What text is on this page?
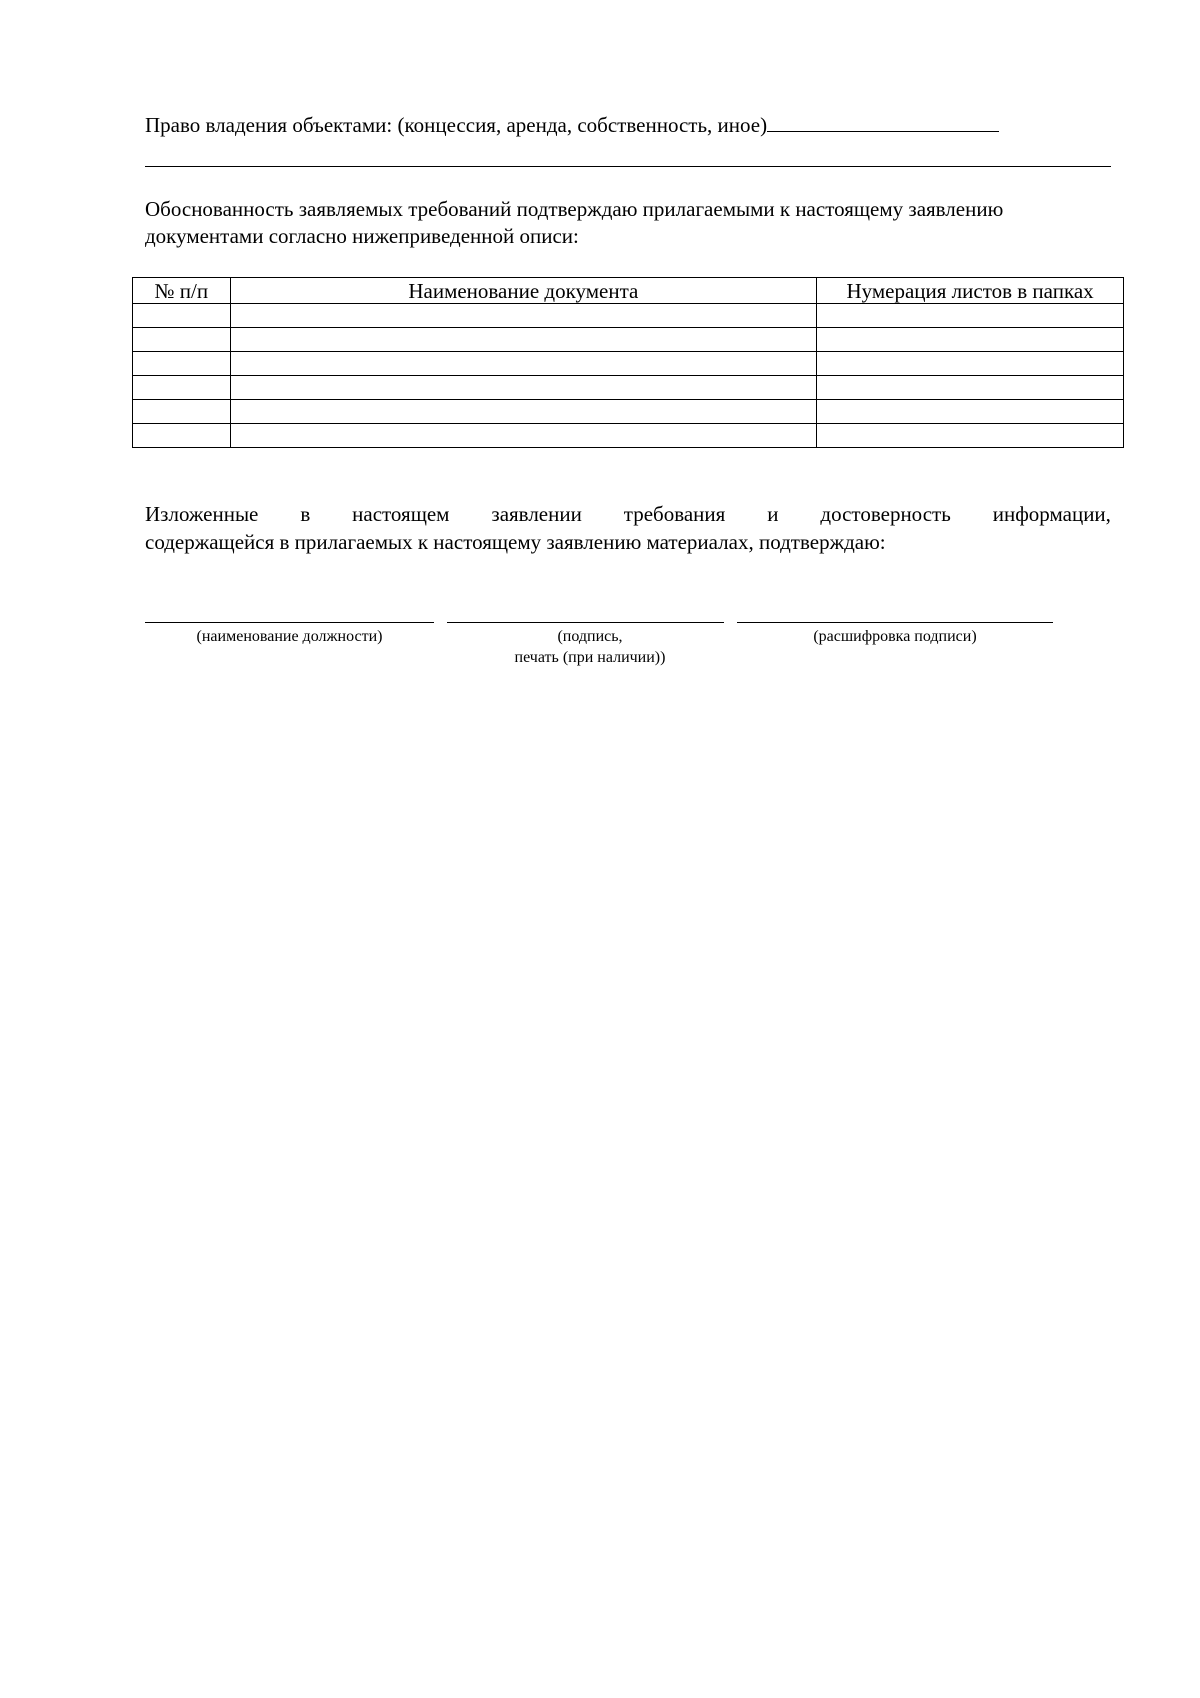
Право владения объектами: (концессия, аренда, собственность, иное)
Обоснованность заявляемых требований подтверждаю прилагаемыми к настоящему заявлению документами согласно нижеприведенной описи:
№ п/п	Наименование документа	Нумерация листов в папках

Изложенные в настоящем заявлении требования и достоверность информации,
содержащейся в прилагаемых к настоящему заявлению материалах, подтверждаю:
(наименование должности)	(подпись,
печать (при наличии))
(расшифровка подписи)
